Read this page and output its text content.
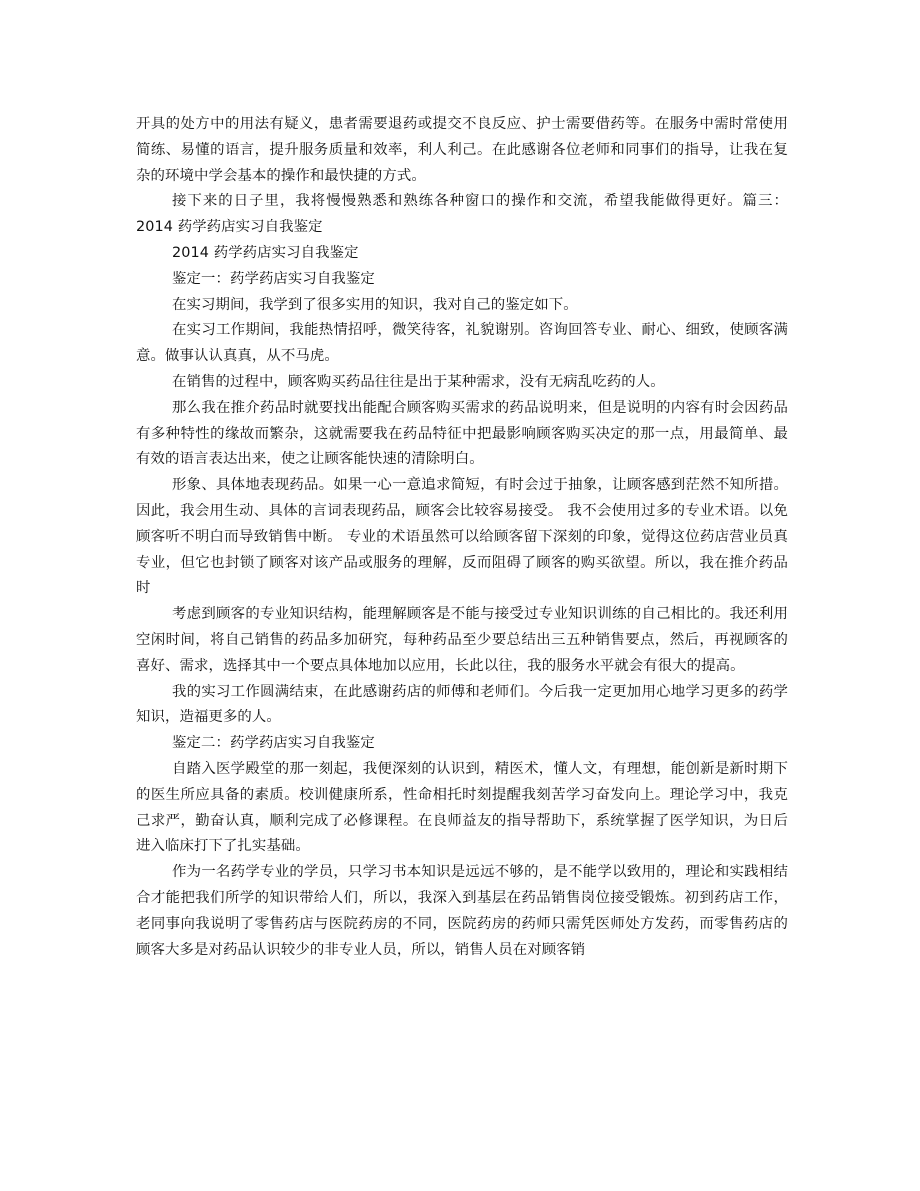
开具的处方中的用法有疑义，患者需要退药或提交不良反应、护士需要借药等。在服务中需时常使用简练、易懂的语言，提升服务质量和效率，利人利己。在此感谢各位老师和同事们的指导，让我在复杂的环境中学会基本的操作和最快捷的方式。

接下来的日子里，我将慢慢熟悉和熟练各种窗口的操作和交流，希望我能做得更好。篇三：2014 药学药店实习自我鉴定

2014 药学药店实习自我鉴定

鉴定一：药学药店实习自我鉴定

在实习期间，我学到了很多实用的知识，我对自己的鉴定如下。

在实习工作期间，我能热情招呼，微笑待客，礼貌谢别。咨询回答专业、耐心、细致，使顾客满意。做事认认真真，从不马虎。

在销售的过程中，顾客购买药品往往是出于某种需求，没有无病乱吃药的人。

那么我在推介药品时就要找出能配合顾客购买需求的药品说明来，但是说明的内容有时会因药品有多种特性的缘故而繁杂，这就需要我在药品特征中把最影响顾客购买决定的那一点，用最简单、最有效的语言表达出来，使之让顾客能快速的清除明白。

形象、具体地表现药品。如果一心一意追求简短，有时会过于抽象，让顾客感到茫然不知所措。因此，我会用生动、具体的言词表现药品，顾客会比较容易接受。 我不会使用过多的专业术语。以免顾客听不明白而导致销售中断。 专业的术语虽然可以给顾客留下深刻的印象，觉得这位药店营业员真专业，但它也封锁了顾客对该产品或服务的理解，反而阻碍了顾客的购买欲望。所以，我在推介药品时

考虑到顾客的专业知识结构，能理解顾客是不能与接受过专业知识训练的自己相比的。我还利用空闲时间，将自己销售的药品多加研究，每种药品至少要总结出三五种销售要点，然后，再视顾客的喜好、需求，选择其中一个要点具体地加以应用，长此以往，我的服务水平就会有很大的提高。

我的实习工作圆满结束，在此感谢药店的师傅和老师们。今后我一定更加用心地学习更多的药学知识，造福更多的人。

鉴定二：药学药店实习自我鉴定

自踏入医学殿堂的那一刻起，我便深刻的认识到，精医术，懂人文，有理想，能创新是新时期下的医生所应具备的素质。校训健康所系，性命相托时刻提醒我刻苦学习奋发向上。理论学习中，我克己求严，勤奋认真，顺利完成了必修课程。在良师益友的指导帮助下，系统掌握了医学知识，为日后进入临床打下了扎实基础。

作为一名药学专业的学员，只学习书本知识是远远不够的，是不能学以致用的，理论和实践相结合才能把我们所学的知识带给人们，所以，我深入到基层在药品销售岗位接受锻炼。初到药店工作，老同事向我说明了零售药店与医院药房的不同，医院药房的药师只需凭医师处方发药，而零售药店的顾客大多是对药品认识较少的非专业人员，所以，销售人员在对顾客销
